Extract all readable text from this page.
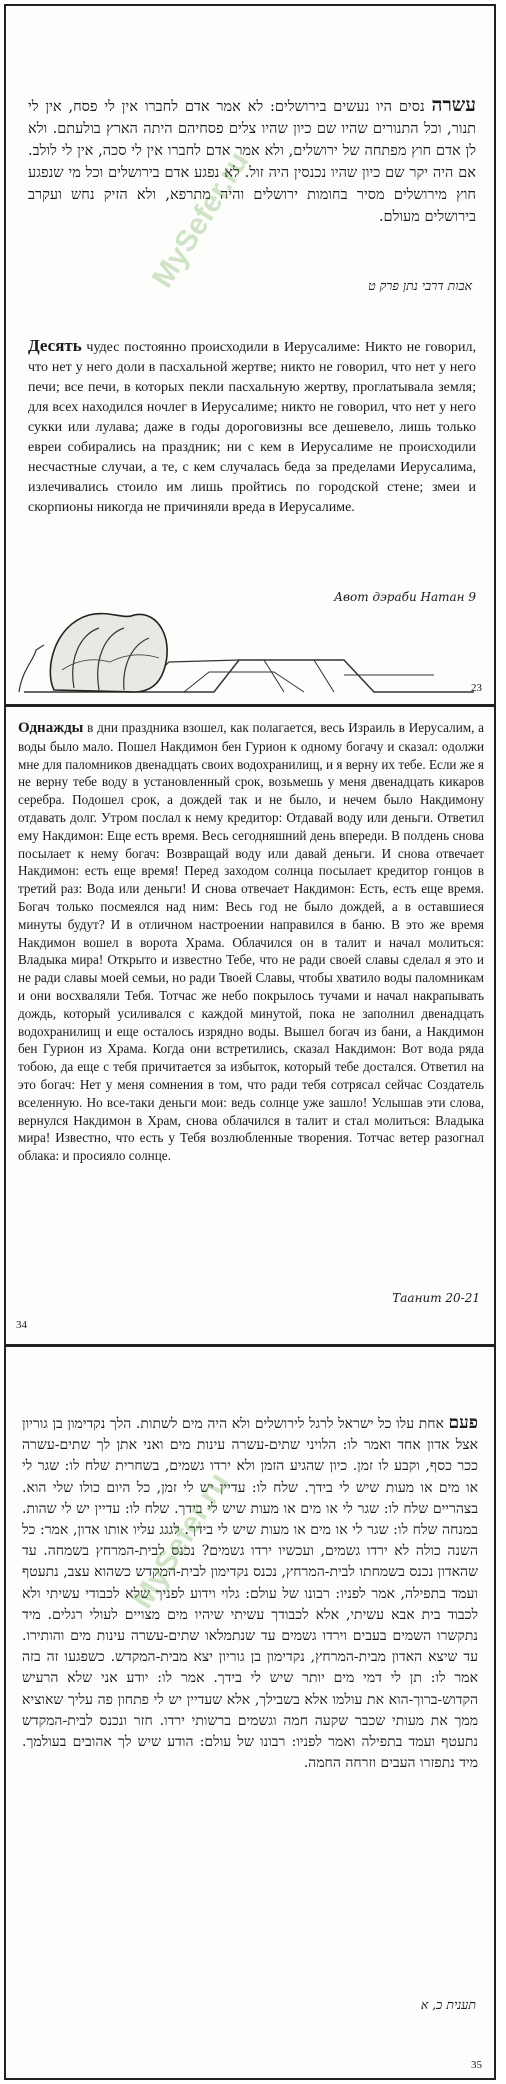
עשרה נסים היו נעשים בירושלים: לא אמר אדם לחברו אין לי פסח, אין לי תנור, וכל התנורים שהיו שם כיון שהיו צלים פסחיהם היתה הארץ בולעתם. ולא לן אדם חוץ מפתחה של ירושלים, ולא אמר אדם לחברו אין לי סכה, אין לי לולב. אם היה יקר שם כיון שהיו נכנסין היה זול. לא נפגע אדם בירושלים וכל מי שנפגע חוץ מירושלים מסיר בחומות ירושלים והיה מתרפא, ולא הזיק נחש ועקרב בירושלים מעולם.
אבות דרבי נתן פרק ט
Десять чудес постоянно происходили в Иерусалиме: Никто не говорил, что нет у него доли в пасхальной жертве; никто не говорил, что нет у него печи; все печи, в которых пекли пасхальную жертву, проглатывала земля; для всех находился ночлег в Иерусалиме; никто не говорил, что нет у него сукки или лулава; даже в годы дороговизны все дешевело, лишь только евреи собирались на праздник; ни с кем в Иерусалиме не происходили несчастные случаи, а те, с кем случалась беда за пределами Иерусалима, излечивались стоило им лишь пройтись по городской стене; змеи и скорпионы никогда не причиняли вреда в Иерусалиме.
Авот дэраби Натан 9
23
MySefer.ru
Однажды в дни праздника взошел, как полагается, весь Израиль в Иерусалим, а воды было мало. Пошел Накдимон бен Гурион к одному богачу и сказал: одолжи мне для паломников двенадцать своих водохранилищ, и я верну их тебе. Если же я не верну тебе воду в установленный срок, возьмешь у меня двенадцать кикаров серебра. Подошел срок, а дождей так и не было, и нечем было Накдимону отдавать долг. Утром послал к нему кредитор: Отдавай воду или деньги. Ответил ему Накдимон: Еще есть время. Весь сегодняшний день впереди. В полдень снова посылает к нему богач: Возвращай воду или давай деньги. И снова отвечает Накдимон: есть еще время! Перед заходом солнца посылает кредитор гонцов в третий раз: Вода или деньги! И снова отвечает Накдимон: Есть, есть еще время. Богач только посмеялся над ним: Весь год не было дождей, а в оставшиеся минуты будут? И в отличном настроении направился в баню. В это же время Накдимон вошел в ворота Храма. Облачился он в талит и начал молиться: Владыка мира! Открыто и известно Тебе, что не ради своей славы сделал я это и не ради славы моей семьи, но ради Твоей Славы, чтобы хватило воды паломникам и они восхваляли Тебя. Тотчас же небо покрылось тучами и начал накрапывать дождь, который усиливался с каждой минутой, пока не заполнил двенадцать водохранилищ и еще осталось изрядно воды. Вышел богач из бани, а Накдимон бен Гурион из Храма. Когда они встретились, сказал Накдимон: Вот вода ряда тобою, да еще с тебя причитается за избыток, который тебе достался. Ответил на это богач: Нет у меня сомнения в том, что ради тебя сотрясал сейчас Создатель вселенную. Но все-таки деньги мои: ведь солнце уже зашло! Услышав эти слова, вернулся Накдимон в Храм, снова облачился в талит и стал молиться: Владыка мира! Известно, что есть у Тебя возлюбленные творения. Тотчас ветер разогнал облака: и просияло солнце.
Таанит 20-21
34
פעם אחת עלו כל ישראל לרגל לירושלים ולא היה מים לשתות. הלך נקדימון בן גוריון אצל אדון אחד ואמר לו: הלויני שתים-עשרה עינות מים ואני אתן לך שתים-עשרה ככר כסף, וקבע לו זמן. כיון שהגיע הזמן ולא ירדו גשמים, בשחרית שלח לו: שגר לי או מים או מעות שיש לי בידך. שלח לו: עדיין יש לי זמן, כל היום כולו שלי הוא. בצהריים שלח לו: שגר לי או מים או מעות שיש לי בידך. שלח לו: עדיין יש לי שהות. במנחה שלח לו: שגר לי או מים או מעות שיש לי בידך. לגגג עליו אותו אדון, אמר: כל השנה כולה לא ירדו גשמים, ועכשיו ירדו גשמים? נכנס לבית-המרחץ בשמחה. עד שהאדון נכנס בשמחתו לבית-המרחץ, נכנס נקדימון לבית-המקדש כשהוא עצב, נתעטף ועמד בתפילה, אמר לפניו: רבונו של עולם: גלוי וידוע לפניך שלא לכבודי עשיתי ולא לכבוד בית אבא עשיתי, אלא לכבודך עשיתי שיהיו מים מצויים לעולי רגלים. מיד נתקשרו השמים בעבים וירדו גשמים עד שנתמלאו שתים-עשרה עינות מים והותירו. עד שיצא האדון מבית-המרחץ, נקדימון בן גוריון יצא מבית-המקדש. כשפגעו זה בזה אמר לו: תן לי דמי מים יותר שיש לי בידך. אמר לו: יודע אני שלא הרעיש הקדוש-ברוך-הוא את עולמו אלא בשבילך, אלא שעדיין יש לי פתחון פה עליך שאוציא ממך את מעותי שכבר שקעה חמה וגשמים ברשותי ירדו. חזר ונכנס לבית-המקדש נתעטף ועמד בתפילה ואמר לפניו: רבונו של עולם: הודע שיש לך אהובים בעולמך. מיד נתפזרו העבים וזרחה החמה.
תענית כ, א
35
MySefer.ru
